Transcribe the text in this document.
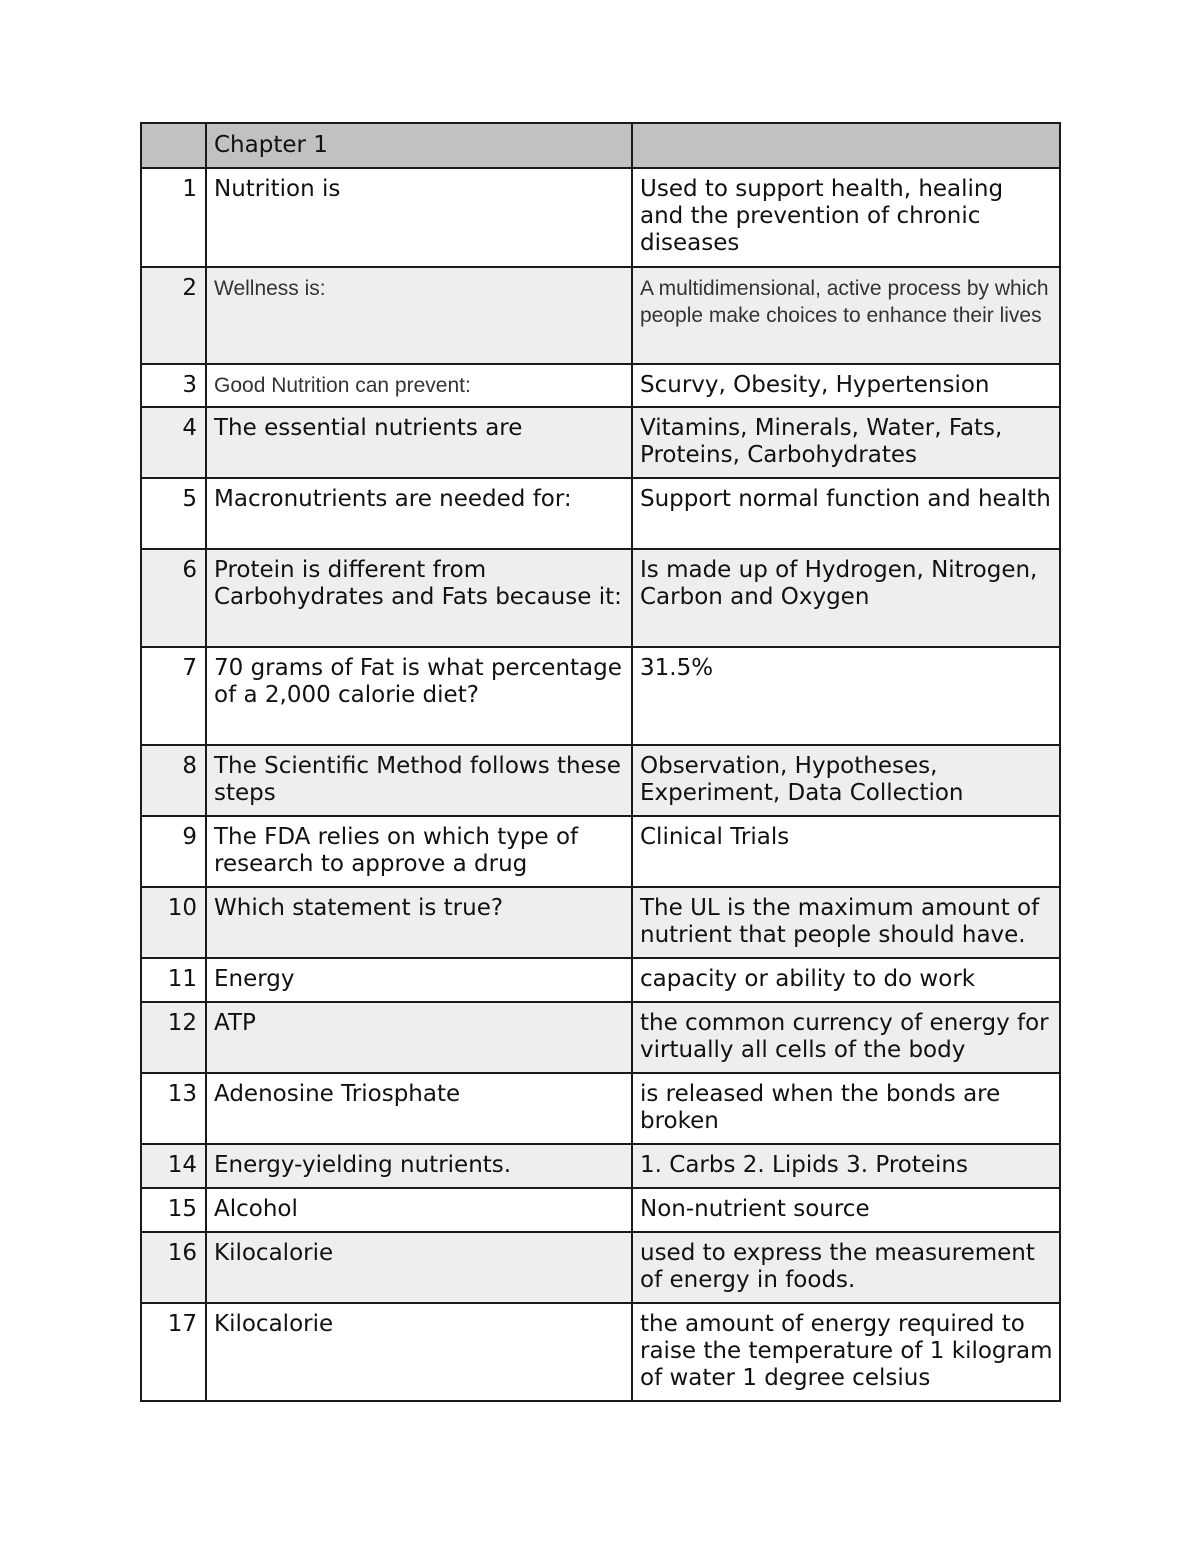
	Chapter 1	
1	Nutrition is	Used to support health, healing and the prevention of chronic diseases
2	Wellness is:	A multidimensional, active process by which people make choices to enhance their lives
3	Good Nutrition can prevent:	Scurvy, Obesity, Hypertension
4	The essential nutrients are	Vitamins, Minerals, Water, Fats, Proteins, Carbohydrates
5	Macronutrients are needed for:	Support normal function and health
6	Protein is different from Carbohydrates and Fats because it:	Is made up of Hydrogen, Nitrogen, Carbon and Oxygen
7	70 grams of Fat is what percentage of a 2,000 calorie diet?	31.5%
8	The Scientific Method follows these steps	Observation, Hypotheses, Experiment, Data Collection
9	The FDA relies on which type of research to approve a drug	Clinical Trials
10	Which statement is true?	The UL is the maximum amount of nutrient that people should have.
11	Energy	capacity or ability to do work
12	ATP	the common currency of energy for virtually all cells of the body
13	Adenosine Triosphate	is released when the bonds are broken
14	Energy-yielding nutrients.	1. Carbs 2. Lipids 3. Proteins
15	Alcohol	Non-nutrient source
16	Kilocalorie	used to express the measurement of energy in foods.
17	Kilocalorie	the amount of energy required to raise the temperature of 1 kilogram of water 1 degree celsius
